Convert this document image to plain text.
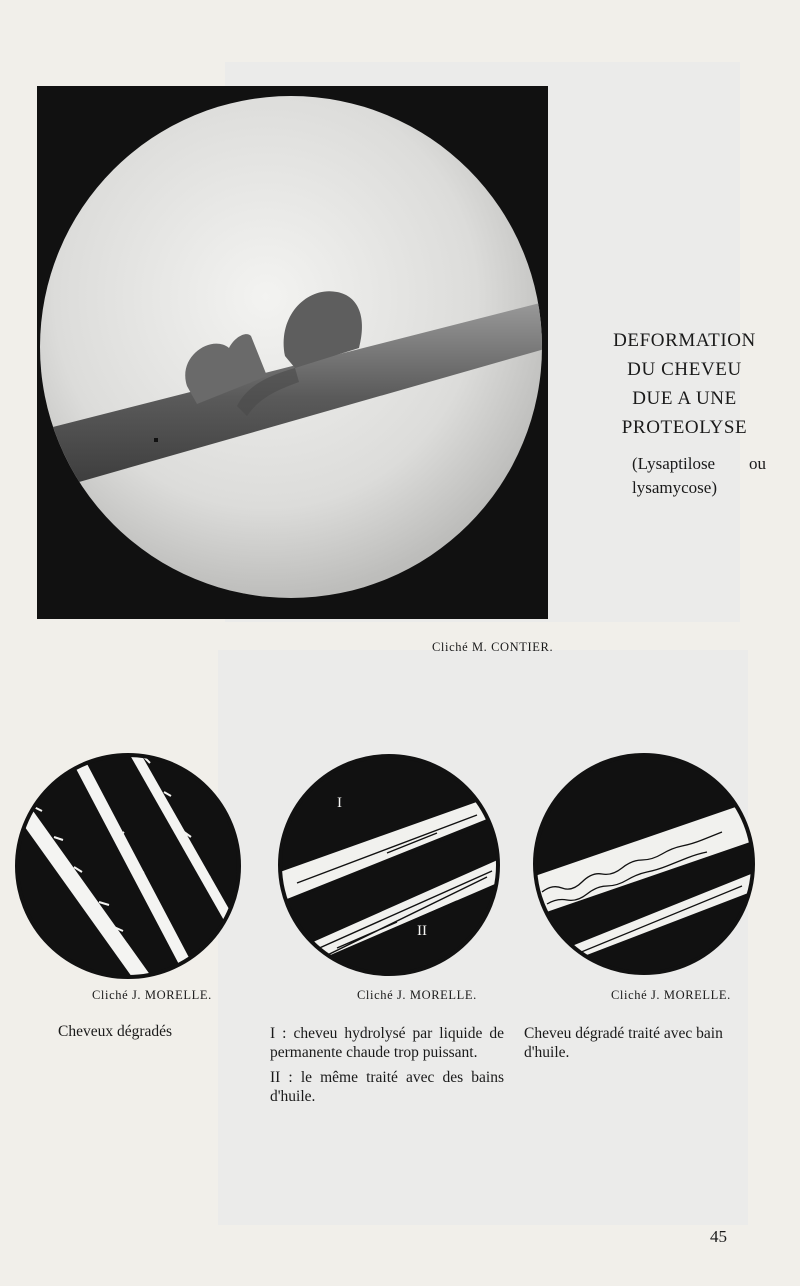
DEFORMATION
DU CHEVEU
DUE A UNE
PROTEOLYSE
(Lysaptilose ou lysamycose)
Cliché M. CONTIER.
Cliché J. MORELLE.

Cheveux dégradés

I
II
Cliché J. MORELLE.

I : cheveu hydrolysé par liquide de permanente chaude trop puissant.

II : le même traité avec des bains d'huile.

Cliché J. MORELLE.

Cheveu dégradé traité avec bain d'huile.

45
